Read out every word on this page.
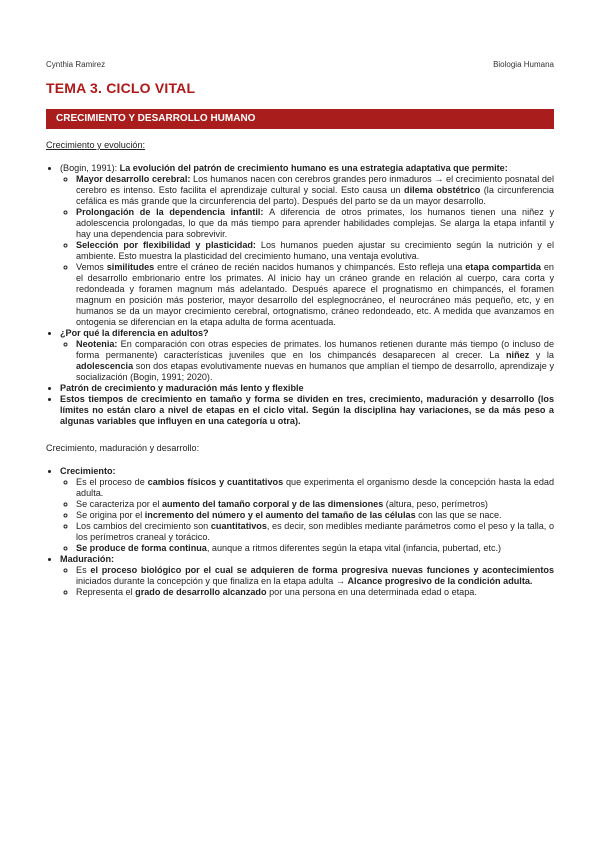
Cynthia Ramirez	Biologia Humana
TEMA 3. CICLO VITAL
CRECIMIENTO Y DESARROLLO HUMANO

Crecimiento y evolución:

• (Bogin, 1991): La evolución del patrón de crecimiento humano es una estrategia adaptativa que permite:
◦ Mayor desarrollo cerebral: Los humanos nacen con cerebros grandes pero inmaduros → el crecimiento posnatal del cerebro es intenso. Esto facilita el aprendizaje cultural y social. Esto causa un dilema obstétrico (la circunferencia cefálica es más grande que la circunferencia del parto). Después del parto se da un mayor desarrollo.
◦ Prolongación de la dependencia infantil: A diferencia de otros primates, los humanos tienen una niñez y adolescencia prolongadas, lo que da más tiempo para aprender habilidades complejas. Se alarga la etapa infantil y hay una dependencia para sobrevivir.
◦ Selección por flexibilidad y plasticidad: Los humanos pueden ajustar su crecimiento según la nutrición y el ambiente. Esto muestra la plasticidad del crecimiento humano, una ventaja evolutiva.
◦ Vemos similitudes entre el cráneo de recién nacidos humanos y chimpancés. Esto refleja una etapa compartida en el desarrollo embrionario entre los primates. Al inicio hay un cráneo grande en relación al cuerpo, cara corta y redondeada y foramen magnum más adelantado. Después aparece el prognatismo en chimpancés, el foramen magnum en posición más posterior, mayor desarrollo del esplegnocráneo, el neurocráneo más pequeño, etc, y en humanos se da un mayor crecimiento cerebral, ortognatismo, cráneo redondeado, etc. A medida que avanzamos en ontogenia se diferencian en la etapa adulta de forma acentuada.
• ¿Por qué la diferencia en adultos?
◦ Neotenia: En comparación con otras especies de primates. los humanos retienen durante más tiempo (o incluso de forma permanente) características juveniles que en los chimpancés desaparecen al crecer. La niñez y la adolescencia son dos etapas evolutivamente nuevas en humanos que amplían el tiempo de desarrollo, aprendizaje y socialización (Bogin, 1991; 2020).
• Patrón de crecimiento y maduración más lento y flexible
• Estos tiempos de crecimiento en tamaño y forma se dividen en tres, crecimiento, maduración y desarrollo (los límites no están claro a nivel de etapas en el ciclo vital. Según la disciplina hay variaciones, se da más peso a algunas variables que influyen en una categoría u otra).

Crecimiento, maduración y desarrollo:

• Crecimiento:
◦ Es el proceso de cambios físicos y cuantitativos que experimenta el organismo desde la concepción hasta la edad adulta.
◦ Se caracteriza por el aumento del tamaño corporal y de las dimensiones (altura, peso, perímetros)
◦ Se origina por el incremento del número y el aumento del tamaño de las células con las que se nace.
◦ Los cambios del crecimiento son cuantitativos, es decir, son medibles mediante parámetros como el peso y la talla, o los perímetros craneal y torácico.
◦ Se produce de forma continua, aunque a ritmos diferentes según la etapa vital (infancia, pubertad, etc.)
• Maduración:
◦ Es el proceso biológico por el cual se adquieren de forma progresiva nuevas funciones y acontecimientos iniciados durante la concepción y que finaliza en la etapa adulta → Alcance progresivo de la condición adulta.
◦ Representa el grado de desarrollo alcanzado por una persona en una determinada edad o etapa.
